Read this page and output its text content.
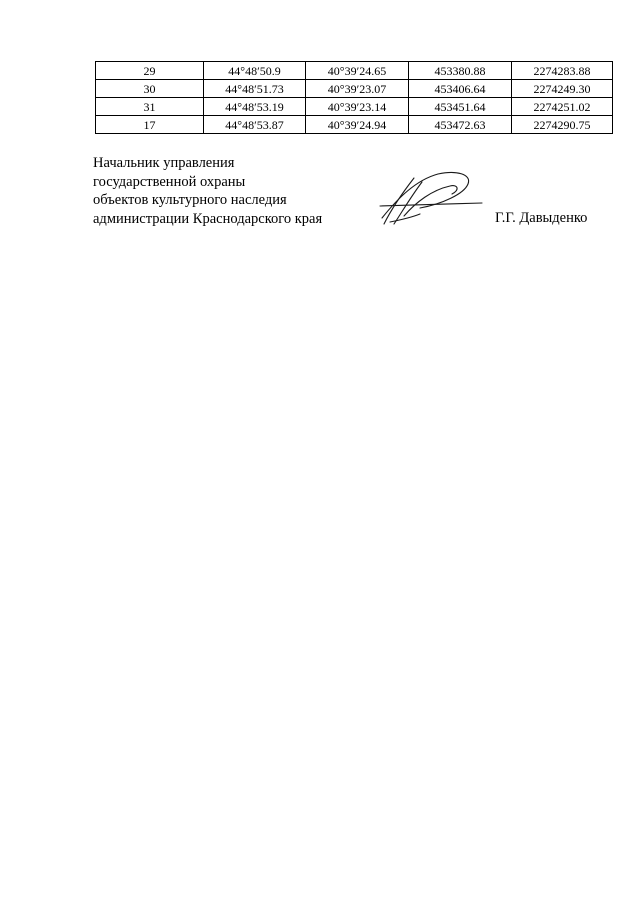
29	44°48′50.9	40°39′24.65	453380.88	2274283.88
30	44°48′51.73	40°39′23.07	453406.64	2274249.30
31	44°48′53.19	40°39′23.14	453451.64	2274251.02
17	44°48′53.87	40°39′24.94	453472.63	2274290.75
Начальник управления
государственной охраны
объектов культурного наследия
администрации Краснодарского края	Г.Г. Давыденко
